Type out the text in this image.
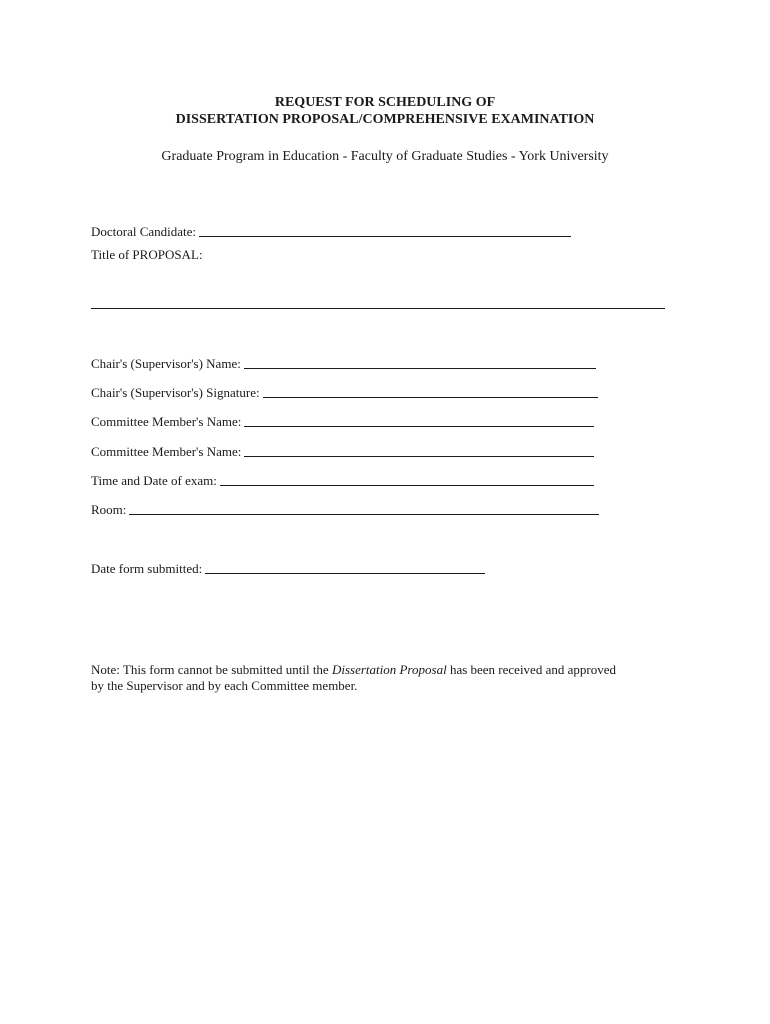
REQUEST FOR SCHEDULING OF
DISSERTATION PROPOSAL/COMPREHENSIVE EXAMINATION
Graduate Program in Education - Faculty of Graduate Studies - York University
Doctoral Candidate:
Title of PROPOSAL:
Chair's (Supervisor's) Name:
Chair's (Supervisor's) Signature:
Committee Member's Name:
Committee Member's Name:
Time and Date of exam:
Room:
Date form submitted:
Note: This form cannot be submitted until the Dissertation Proposal has been received and approved
by the Supervisor and by each Committee member.
